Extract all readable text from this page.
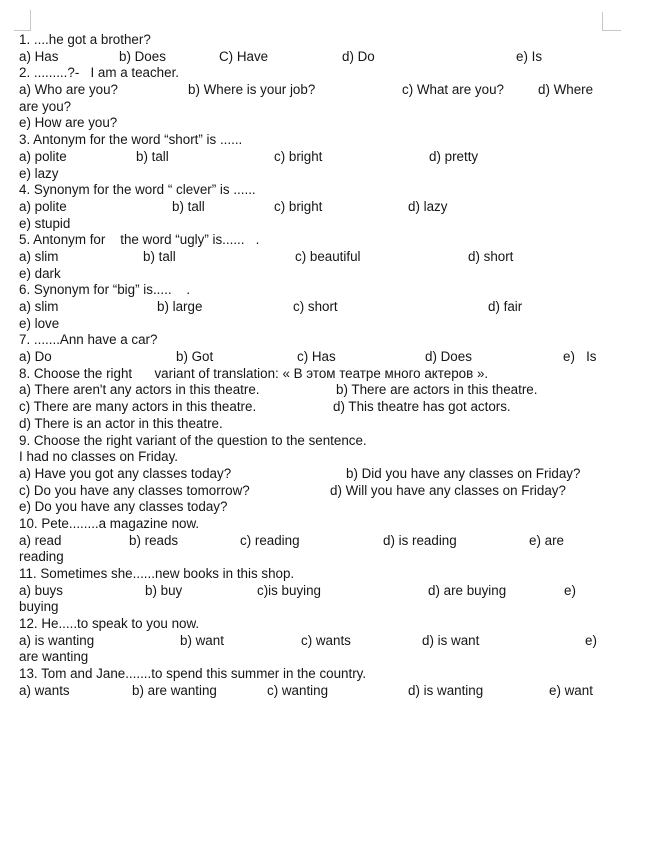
1. ....he got a brother?

a) Has

	b) Does

	C) Have

	d) Do

	e) Is

2. .........?-   I am a teacher.

a) Who are you?

	b) Where is your job?

	c) What are you?

	d) Where

are you?
e) How are you?
3. Antonym for the word “short” is ......

a) polite

	b) tall

	c) bright

	d) pretty

e) lazy
4. Synonym for the word “ clever” is ......

a) polite

	b) tall

	c) bright

	d) lazy

e) stupid
5. Antonym for    the word “ugly” is......   .

a) slim

	b) tall

	c) beautiful

	d) short

e) dark
6. Synonym for “big” is.....    .

a) slim

	b) large

	c) short

	d) fair

e) love
7. .......Ann have a car?

a) Do

	b) Got

	c) Has

	d) Does

	e)   Is

8. Choose the right      variant of translation: « В этом театре много актеров ».

a) There aren't any actors in this theatre.

	b) There are actors in this theatre.

c) There are many actors in this theatre.

	d) This theatre has got actors.

d) There is an actor in this theatre.
9. Choose the right variant of the question to the sentence.
I had no classes on Friday.

a) Have you got any classes today?

	b) Did you have any classes on Friday?

c) Do you have any classes tomorrow?

	d) Will you have any classes on Friday?

e) Do you have any classes today?
10. Pete........a magazine now.

a) read

	b) reads

	c) reading

	d) is reading

	e) are

reading
11. Sometimes she......new books in this shop.

a) buys

	b) buy

	c)is buying

	d) are buying

	e)

buying
12. He.....to speak to you now.

a) is wanting

	b) want

	c) wants

	d) is want

	e)

are wanting
13. Tom and Jane.......to spend this summer in the country.

a) wants

	b) are wanting

	c) wanting

	d) is wanting

	e) want
